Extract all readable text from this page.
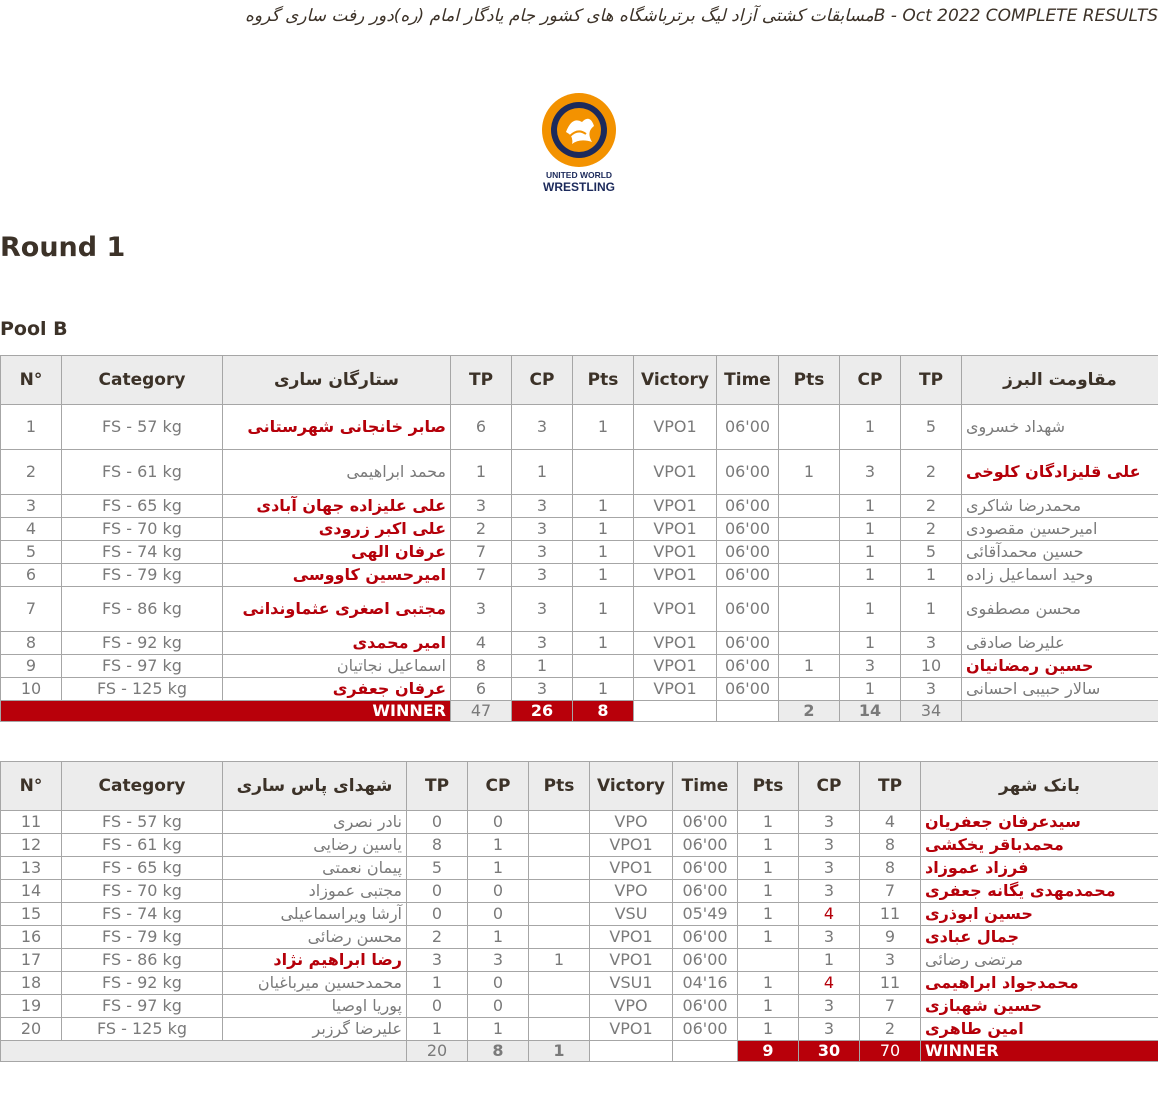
مسابقات کشتی آزاد لیگ برترباشگاه های کشور جام یادگار امام (ره)دور رفت ساری گروهB - Oct 2022 COMPLETE RESULTS
UNITED WORLD
WRESTLING
Round 1
Pool B
N°	Category	ستارگان ساری	TP	CP	Pts	Victory	Time	Pts	CP	TP	مقاومت البرز
1	FS - 57 kg	صابر خانجانی شهرستانی	6	3	1	VPO1	06'00		1	5	شهداد خسروی
2	FS - 61 kg	محمد ابراهیمی	1	1		VPO1	06'00	1	3	2	علی قلیزادگان کلوخی
3	FS - 65 kg	علی علیزاده جهان آبادی	3	3	1	VPO1	06'00		1	2	محمدرضا شاکری
4	FS - 70 kg	علی اکبر زرودی	2	3	1	VPO1	06'00		1	2	امیرحسین مقصودی
5	FS - 74 kg	عرفان الهی	7	3	1	VPO1	06'00		1	5	حسین محمدآقائی
6	FS - 79 kg	امیرحسین کاووسی	7	3	1	VPO1	06'00		1	1	وحید اسماعیل زاده
7	FS - 86 kg	مجتبی اصغری عثماوندانی	3	3	1	VPO1	06'00		1	1	محسن مصطفوی
8	FS - 92 kg	امیر محمدی	4	3	1	VPO1	06'00		1	3	علیرضا صادقی
9	FS - 97 kg	اسماعیل نجاتیان	8	1		VPO1	06'00	1	3	10	حسین رمضانیان
10	FS - 125 kg	عرفان جعفری	6	3	1	VPO1	06'00		1	3	سالار حبیبی احسانی
WINNER			47	26	8			2	14	34	
N°	Category	شهدای پاس ساری	TP	CP	Pts	Victory	Time	Pts	CP	TP	بانک شهر
11	FS - 57 kg	نادر نصری	0	0		VPO	06'00	1	3	4	سیدعرفان جعفریان
12	FS - 61 kg	یاسین رضایی	8	1		VPO1	06'00	1	3	8	محمدباقر یخکشی
13	FS - 65 kg	پیمان نعمتی	5	1		VPO1	06'00	1	3	8	فرزاد عموزاد
14	FS - 70 kg	مجتبی عموزاد	0	0		VPO	06'00	1	3	7	محمدمهدی یگانه جعفری
15	FS - 74 kg	آرشا ویراسماعیلی	0	0		VSU	05'49	1	4	11	حسین ابوذری
16	FS - 79 kg	محسن رضائی	2	1		VPO1	06'00	1	3	9	جمال عبادی
17	FS - 86 kg	رضا ابراهیم نژاد	3	3	1	VPO1	06'00		1	3	مرتضی رضائی
18	FS - 92 kg	محمدحسین میرباغیان	1	0		VSU1	04'16	1	4	11	محمدجواد ابراهیمی
19	FS - 97 kg	پوریا اوصیا	0	0		VPO	06'00	1	3	7	حسین شهبازی
20	FS - 125 kg	علیرضا گرزبر	1	1		VPO1	06'00	1	3	2	امین طاهری
			20	8	1			9	30	70	WINNER
